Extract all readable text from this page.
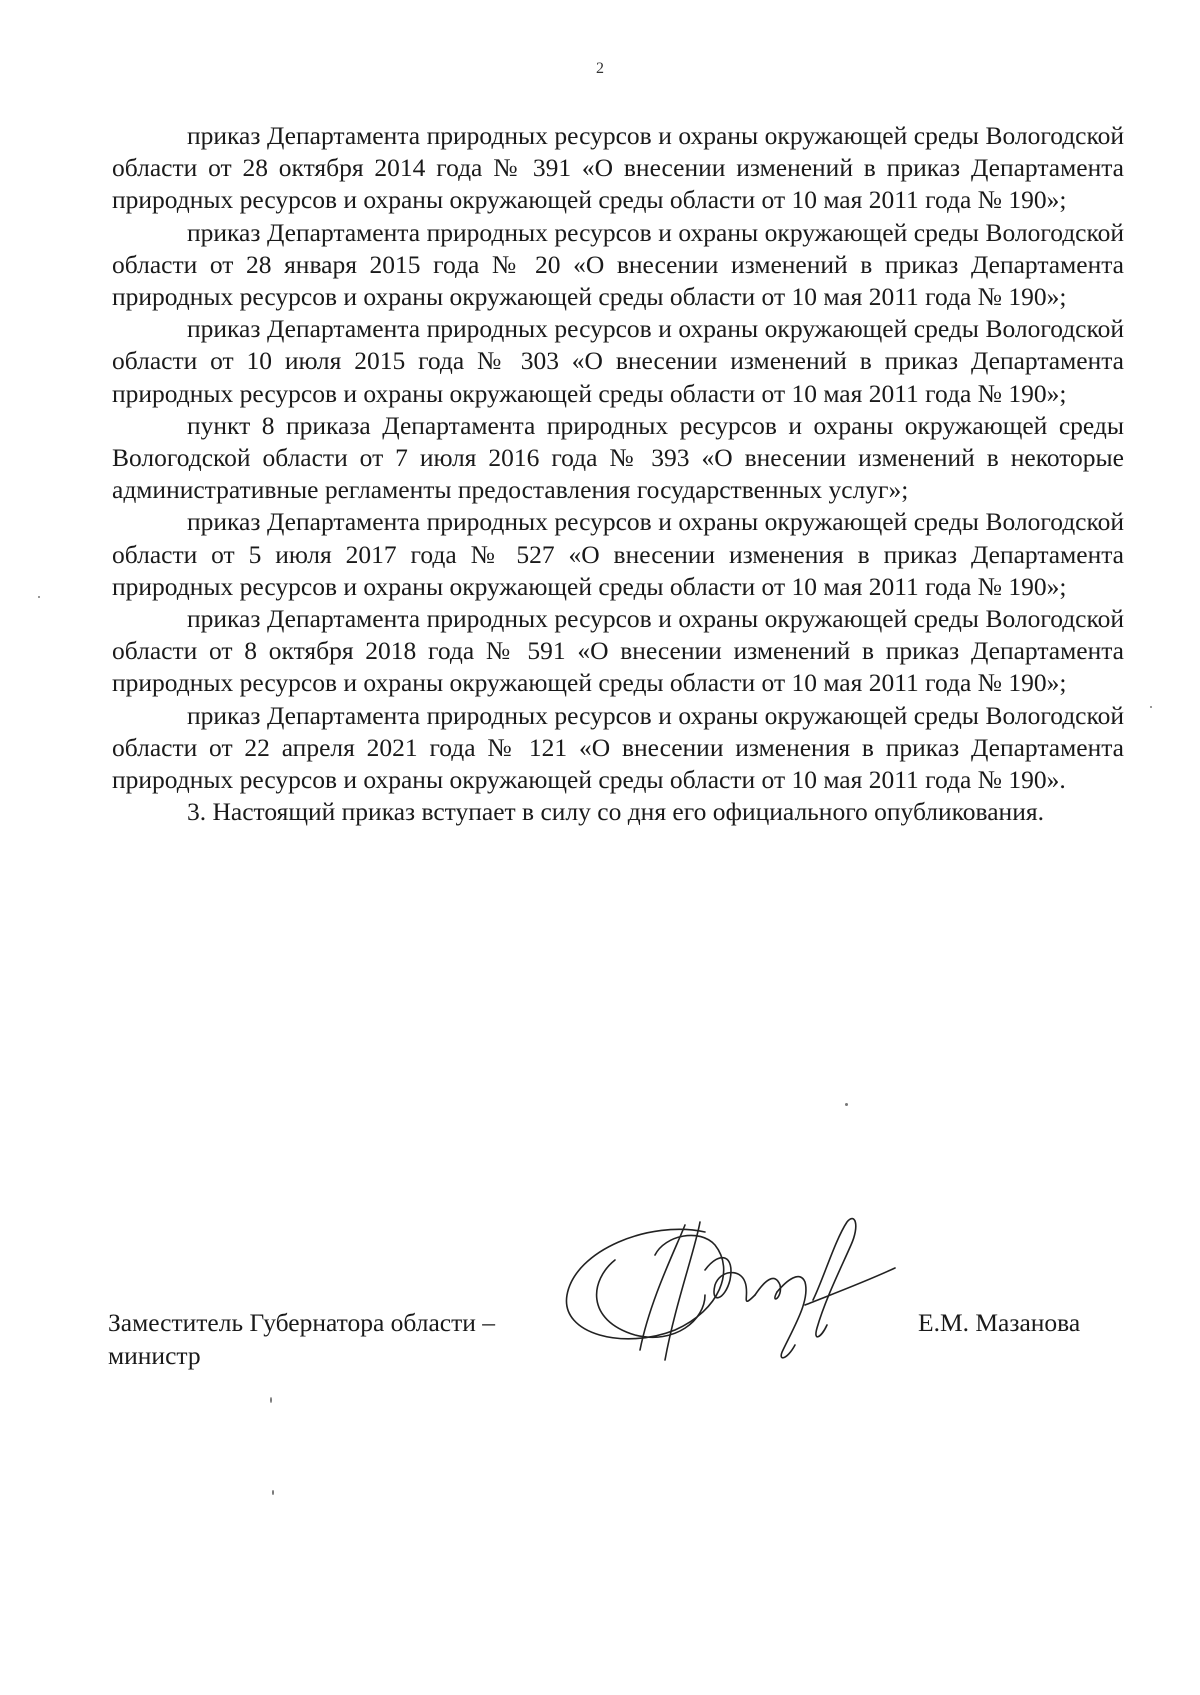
2

приказ Департамента природных ресурсов и охраны окружающей среды Вологодской области от 28 октября 2014 года № 391 «О внесении изменений в приказ Департамента природных ресурсов и охраны окружающей среды области от 10 мая 2011 года № 190»;

приказ Департамента природных ресурсов и охраны окружающей среды Вологодской области от 28 января 2015 года № 20 «О внесении изменений в приказ Департамента природных ресурсов и охраны окружающей среды области от 10 мая 2011 года № 190»;

приказ Департамента природных ресурсов и охраны окружающей среды Вологодской области от 10 июля 2015 года № 303 «О внесении изменений в приказ Департамента природных ресурсов и охраны окружающей среды области от 10 мая 2011 года № 190»;

пункт 8 приказа Департамента природных ресурсов и охраны окружающей среды Вологодской области от 7 июля 2016 года № 393 «О внесении изменений в некоторые административные регламенты предоставления государственных услуг»;

приказ Департамента природных ресурсов и охраны окружающей среды Вологодской области от 5 июля 2017 года № 527 «О внесении изменения в приказ Департамента природных ресурсов и охраны окружающей среды области от 10 мая 2011 года № 190»;

приказ Департамента природных ресурсов и охраны окружающей среды Вологодской области от 8 октября 2018 года № 591 «О внесении изменений в приказ Департамента природных ресурсов и охраны окружающей среды области от 10 мая 2011 года № 190»;

приказ Департамента природных ресурсов и охраны окружающей среды Вологодской области от 22 апреля 2021 года № 121 «О внесении изменения в приказ Департамента природных ресурсов и охраны окружающей среды области от 10 мая 2011 года № 190».

3. Настоящий приказ вступает в силу со дня его официального опубликования.

Заместитель Губернатора области –
министр
Е.М. Мазанова
